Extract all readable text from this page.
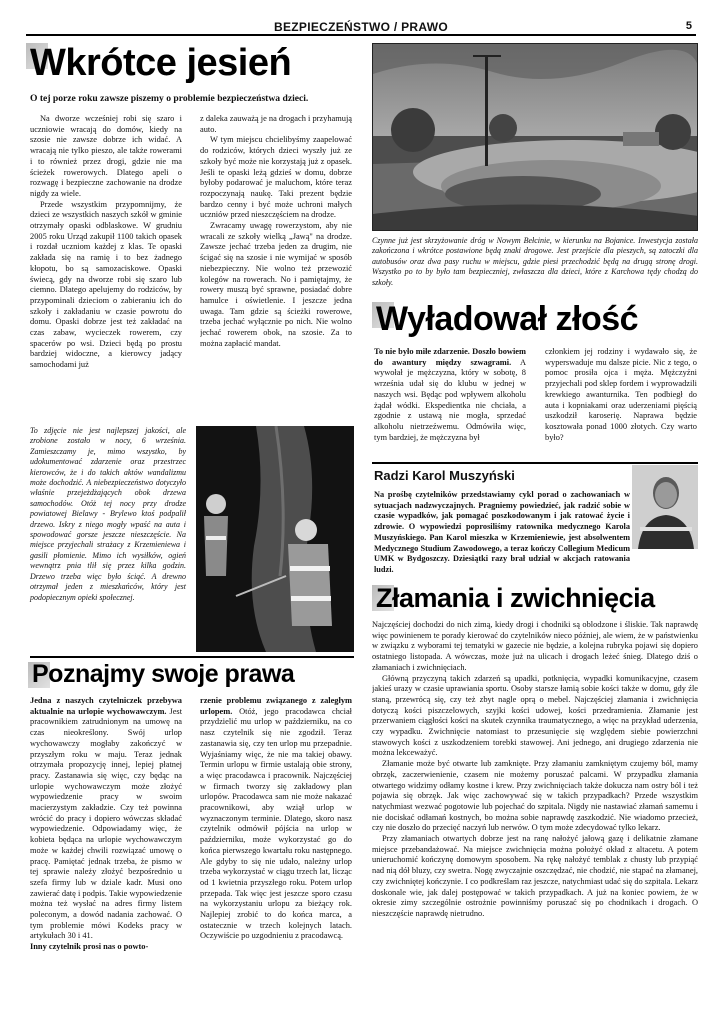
BEZPIECZEŃSTWO / PRAWO	5
Wkrótce jesień
O tej porze roku zawsze piszemy o problemie bezpieczeństwa dzieci.

Na dworze wcześniej robi się szaro i uczniowie wracają do domów, kiedy na szosie nie zawsze dobrze ich widać. A wracają nie tylko pieszo, ale także rowerami i to również przez drogi, gdzie nie ma ścieżek rowerowych. Dlatego apeli o rozwagę i bezpieczne zachowanie na drodze nigdy za wiele.

Przede wszystkim przypomnijmy, że dzieci ze wszystkich naszych szkół w gminie otrzymały opaski odblaskowe. W grudniu 2005 roku Urząd zakupił 1100 takich opasek i rozdał uczniom każdej z klas. Te opaski zakłada się na ramię i to bez żadnego kłopotu, bo są samozaciskowe. Opaski świecą, gdy na dworze robi się szaro lub ciemno. Dlatego apelujemy do rodziców, by przypominali dzieciom o zabieraniu ich do szkoły i zakładaniu w czasie powrotu do domu. Opaski dobrze jest też zakładać na czas zabaw, wycieczek rowerem, czy spacerów po wsi. Dzieci będą po prostu bardziej widoczne, a kierowcy jadący samochodami już

z daleka zauważą je na drogach i przyhamują auto.

W tym miejscu chcielibyśmy zaapelować do rodziców, których dzieci wyszły już ze szkoły być może nie korzystają już z opasek. Jeśli te opaski leżą gdzieś w domu, dobrze byłoby podarować je maluchom, które teraz rozpoczynają naukę. Taki prezent będzie bardzo cenny i być może uchroni małych uczniów przed nieszczęściem na drodze.

Zwracamy uwagę rowerzystom, aby nie wracali ze szkoły wielką „Jawą" na drodze. Zawsze jechać trzeba jeden za drugim, nie ścigać się na szosie i nie wymijać w sposób niebezpieczny. Nie wolno też przewozić kolegów na rowerach. No i pamiętajmy, że rowery muszą być sprawne, posiadać dobre hamulce i oświetlenie. I jeszcze jedna uwaga. Tam gdzie są ścieżki rowerowe, trzeba jechać wyłącznie po nich. Nie wolno jechać rowerem obok, na szosie. Za to można zapłacić mandat.

Czynne już jest skrzyżowanie dróg w Nowym Bełcinie, w kierunku na Bojanice. Inwestycja została zakończona i wkrótce postawione będą znaki drogowe. Jest przejście dla pieszych, są zatoczki dla autobusów oraz dwa pasy ruchu w miejscu, gdzie piesi przechodzić będą na drugą stronę drogi. Wszystko po to by było tam bezpieczniej, zwłaszcza dla dzieci, które z Karchowa tędy chodzą do szkoły.
Wyładował złość
To nie było miłe zdarzenie. Doszło bowiem do awantury między szwagrami. A wywołał je mężczyzna, który w sobotę, 8 września udał się do klubu w jednej w naszych wsi. Będąc pod wpływem alkoholu żądał wódki. Ekspedientka nie chciała, a zgodnie z ustawą nie mogła, sprzedać alkoholu nietrzeźwemu. Odmówiła więc, tym bardziej, że mężczyzna był
członkiem jej rodziny i wydawało się, że wyperswaduje mu dalsze picie. Nic z tego, o pomoc prosiła ojca i męża. Mężczyźni przyjechali pod sklep fordem i wyprowadzili krewkiego awanturnika. Ten podbiegł do auta i kopniakami oraz uderzeniami pięścią uszkodził karoserię. Naprawa będzie kosztowała ponad 1000 złotych. Czy warto było?
Radzi Karol Muszyński
Na prośbę czytelników przedstawiamy cykl porad o zachowaniach w sytuacjach nadzwyczajnych. Pragniemy powiedzieć, jak radzić sobie w czasie wypadków, jak pomagać poszkodowanym i jak ratować życie i zdrowie. O wypowiedzi poprosiliśmy ratownika medycznego Karola Muszyńskiego. Pan Karol mieszka w Krzemieniewie, jest absolwentem Medycznego Studium Zawodowego, a teraz kończy Collegium Medicum UMK w Bydgoszczy. Dziesiątki razy brał udział w akcjach ratowania ludzi.
Złamania i zwichnięcia

Najczęściej dochodzi do nich zimą, kiedy drogi i chodniki są oblodzone i śliskie. Tak naprawdę więc powinienem te porady kierować do czytelników nieco później, ale wiem, że w państwienku w związku z wyborami tej tematyki w gazecie nie będzie, a kolejna rubryka pojawi się dopiero ostatniego listopada. A wówczas, może już na ulicach i drogach leżeć śnieg. Dlatego dziś o złamaniach i zwichnięciach.

Główną przyczyną takich zdarzeń są upadki, potknięcia, wypadki komunikacyjne, czasem jakieś urazy w czasie uprawiania sportu. Osoby starsze łamią sobie kości także w domu, gdy źle staną, przewrócą się, czy też zbyt nagle oprą o mebel. Najczęściej złamania i zwichnięcia dotyczą kości piszczelowych, szyjki kości udowej, kości przedramienia. Złamanie jest przerwaniem ciągłości kości na skutek czynnika traumatycznego, a więc na przykład uderzenia, czy wypadku. Zwichnięcie natomiast to przesunięcie się względem siebie powierzchni stawowych kości z uszkodzeniem torebki stawowej. Ani jednego, ani drugiego zdarzenia nie można lekceważyć.

Złamanie może być otwarte lub zamknięte. Przy złamaniu zamkniętym czujemy ból, mamy obrzęk, zaczerwienienie, czasem nie możemy poruszać palcami. W przypadku złamania otwartego widzimy odłamy kostne i krew. Przy zwichnięciach także dokucza nam ostry ból i też pojawia się obrzęk. Jak więc zachowywać się w takich przypadkach? Przede wszystkim natychmiast wezwać pogotowie lub pojechać do szpitala. Nigdy nie nastawiać złamań samemu i nie dociskać odłamań kostnych, bo można sobie naprawdę zaszkodzić. Nie wiadomo przecież, czy nie doszło do przecięć naczyń lub nerwów. O tym może zdecydować tylko lekarz.

Przy złamaniach otwartych dobrze jest na ranę nałożyć jałową gazę i delikatnie złamane miejsce przebandażować. Na miejsce zwichnięcia można położyć okład z altacetu. A potem unieruchomić kończynę domowym sposobem. Na rękę nałożyć temblak z chusty lub przypiąć nad nią dół bluzy, czy swetra. Nogę zwyczajnie oszczędzać, nie chodzić, nie stąpać na złamanej, czy zwichniętej kończynie. I co podkreślam raz jeszcze, natychmiast udać się do szpitala. Lekarz doskonale wie, jak dalej postępować w takich przypadkach. A już na koniec powiem, że w okresie zimy szczególnie ostrożnie powinniśmy poruszać się po chodnikach i drogach. O nieszczęście naprawdę nietrudno.

To zdjęcie nie jest najlepszej jakości, ale zrobione zostało w nocy, 6 września. Zamieszczamy je, mimo wszystko, by udokumentować zdarzenie oraz przestrzec kierowców, że i do takich aktów wandalizmu może dochodzić. A niebezpieczeństwo dotyczyło właśnie przejeżdżających obok drzewa samochodów. Otóż tej nocy przy drodze powiatowej Bielawy - Brylewo ktoś podpalił drzewo. Iskry z niego mogły wpaść na auta i spowodować gorsze jeszcze nieszczęście. Na miejsce przyjechali strażacy z Krzemieniewa i gasili płomienie. Mimo ich wysiłków, ogień wewnątrz pnia tlił się przez kilka godzin. Drzewo trzeba więc było ściąć. A drewno otrzymał jeden z mieszkańców, który jest podopiecznym opieki społecznej.
Poznajmy swoje prawa
Jedna z naszych czytelniczek przebywa aktualnie na urlopie wychowawczym. Jest pracownikiem zatrudnionym na umowę na czas nieokreślony. Swój urlop wychowawczy mogłaby zakończyć w przyszłym roku w maju. Teraz jednak otrzymała propozycję innej, lepiej płatnej pracy. Zastanawia się więc, czy będąc na urlopie wychowawczym może złożyć wypowiedzenie pracy w swoim macierzystym zakładzie. Czy też powinna wrócić do pracy i dopiero wówczas składać wypowiedzenie. Odpowiadamy więc, że kobieta będąca na urlopie wychowawczym może w każdej chwili rozwiązać umowę o pracę. Pamiętać jednak trzeba, że pismo w tej sprawie należy złożyć bezpośrednio u szefa firmy lub w dziale kadr. Musi ono zawierać datę i podpis. Takie wypowiedzenie można też wysłać na adres firmy listem poleconym, a dowód nadania zachować. O tym problemie mówi Kodeks pracy w artykułach 30 i 41.
Inny czytelnik prosi nas o powto-
rzenie problemu związanego z zaległym urlopem. Otóż, jego pracodawca chciał przydzielić mu urlop w październiku, na co nasz czytelnik się nie zgodził. Teraz zastanawia się, czy ten urlop mu przepadnie. Wyjaśniamy więc, że nie ma takiej obawy. Termin urlopu w firmie ustalają obie strony, a więc pracodawca i pracownik. Najczęściej w firmach tworzy się zakładowy plan urlopów. Pracodawca sam nie może nakazać pracownikowi, aby wziął urlop w wyznaczonym terminie. Dlatego, skoro nasz czytelnik odmówił pójścia na urlop w październiku, może wykorzystać go do końca pierwszego kwartału roku następnego. Ale gdyby to się nie udało, należny urlop trzeba wykorzystać w ciągu trzech lat, licząc od 1 kwietnia przyszłego roku. Potem urlop przepada. Tak więc jest jeszcze sporo czasu na wykorzystaniu urlopu za bieżący rok. Najlepiej zrobić to do końca marca, a ostatecznie w trzech kolejnych latach. Oczywiście po uzgodnieniu z pracodawcą.
